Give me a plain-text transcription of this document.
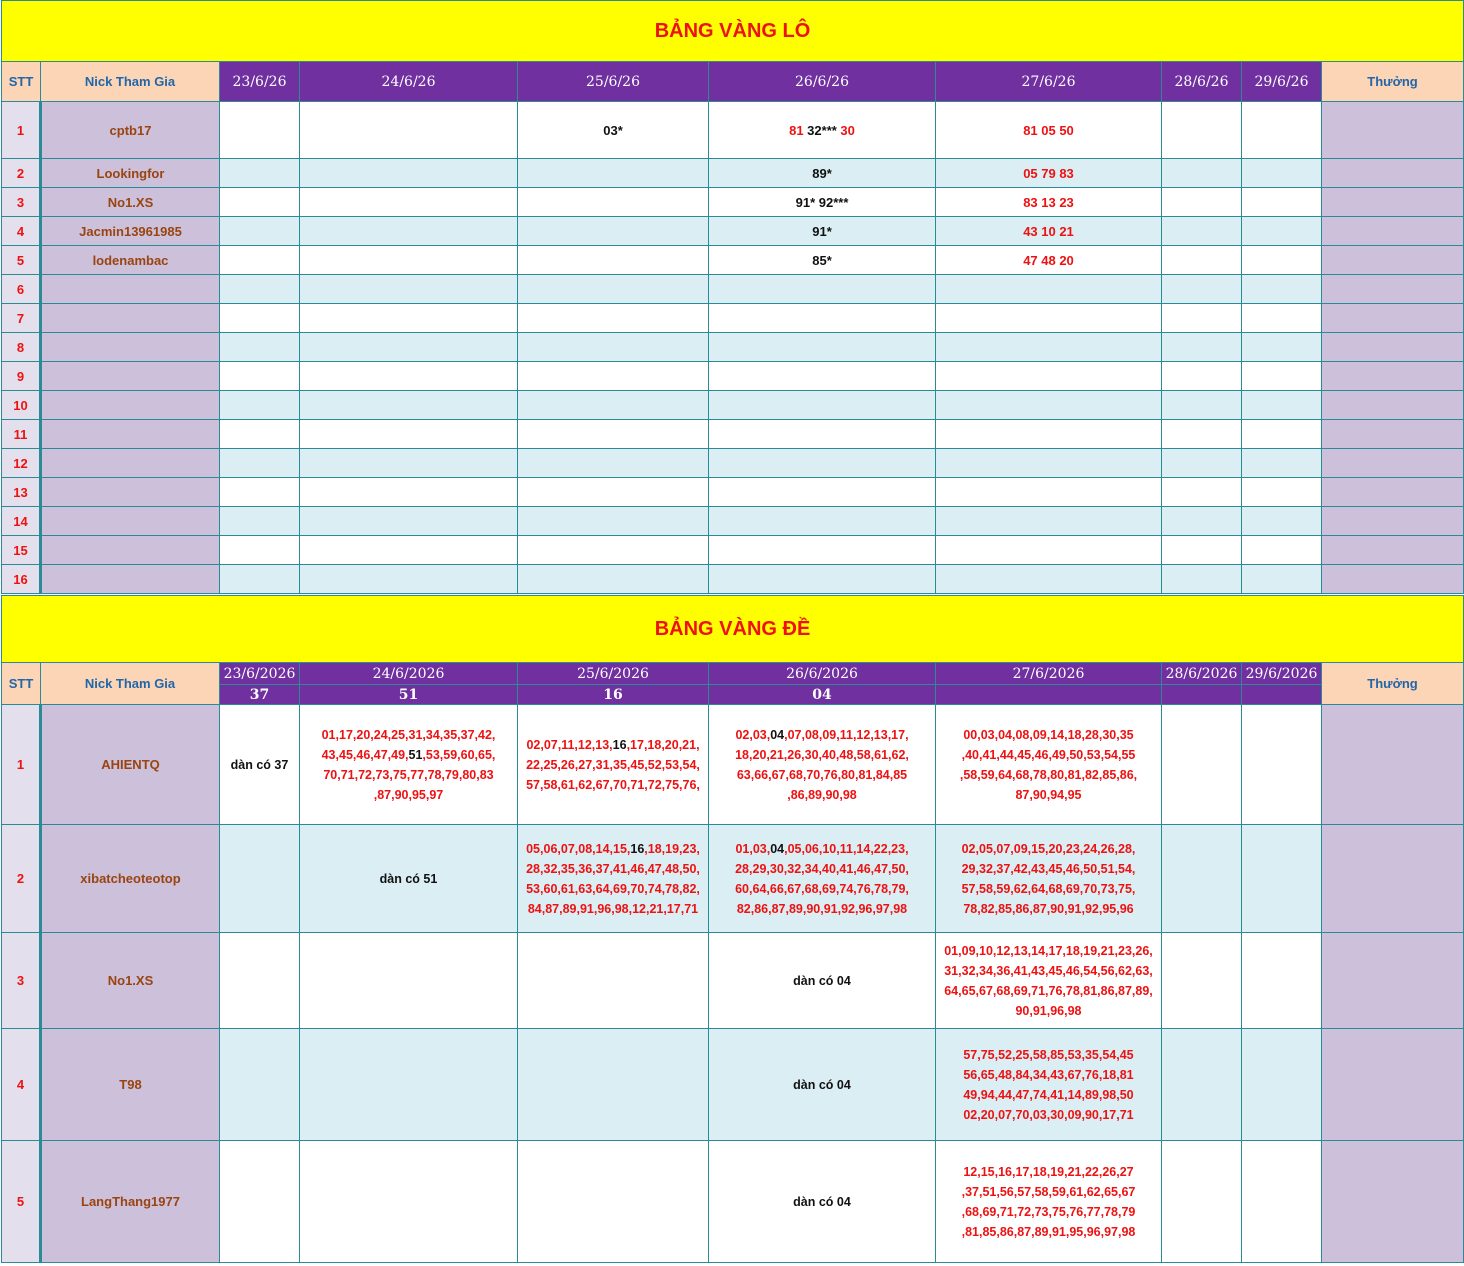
BẢNG VÀNG LÔ									
STT	Nick Tham Gia	23/6/26	24/6/26	25/6/26	26/6/26	27/6/26	28/6/26	29/6/26	Thưởng
1	cptb17			03*	81 32*** 30	81 05 50			
2	Lookingfor				89*	05 79 83			
3	No1.XS				91* 92***	83 13 23			
4	Jacmin13961985				91*	43 10 21			
5	lodenambac				85*	47 48 20			
6									
7									
8									
9									
10									
11									
12									
13									
14									
15									
16									
BẢNG VÀNG ĐỀ									
STT	Nick Tham Gia	23/6/2026	24/6/2026	25/6/2026	26/6/2026	27/6/2026	28/6/2026	29/6/2026	Thưởng
		37	51	16	04				
1	AHIENTQ	dàn có 37	01,17,20,24,25,31,34,35,37,42,
43,45,46,47,49,51,53,59,60,65,
70,71,72,73,75,77,78,79,80,83
,87,90,95,97	02,07,11,12,13,16,17,18,20,21,
22,25,26,27,31,35,45,52,53,54,
57,58,61,62,67,70,71,72,75,76,	02,03,04,07,08,09,11,12,13,17,
18,20,21,26,30,40,48,58,61,62,
63,66,67,68,70,76,80,81,84,85
,86,89,90,98	00,03,04,08,09,14,18,28,30,35
,40,41,44,45,46,49,50,53,54,55
,58,59,64,68,78,80,81,82,85,86,
87,90,94,95			
2	xibatcheoteotop		dàn có 51	05,06,07,08,14,15,16,18,19,23,
28,32,35,36,37,41,46,47,48,50,
53,60,61,63,64,69,70,74,78,82,
84,87,89,91,96,98,12,21,17,71	01,03,04,05,06,10,11,14,22,23,
28,29,30,32,34,40,41,46,47,50,
60,64,66,67,68,69,74,76,78,79,
82,86,87,89,90,91,92,96,97,98	02,05,07,09,15,20,23,24,26,28,
29,32,37,42,43,45,46,50,51,54,
57,58,59,62,64,68,69,70,73,75,
78,82,85,86,87,90,91,92,95,96			
3	No1.XS				dàn có 04	01,09,10,12,13,14,17,18,19,21,23,26,
31,32,34,36,41,43,45,46,54,56,62,63,
64,65,67,68,69,71,76,78,81,86,87,89,
90,91,96,98			
4	T98				dàn có 04	57,75,52,25,58,85,53,35,54,45
56,65,48,84,34,43,67,76,18,81
49,94,44,47,74,41,14,89,98,50
02,20,07,70,03,30,09,90,17,71			
5	LangThang1977				dàn có 04	12,15,16,17,18,19,21,22,26,27
,37,51,56,57,58,59,61,62,65,67
,68,69,71,72,73,75,76,77,78,79
,81,85,86,87,89,91,95,96,97,98			
